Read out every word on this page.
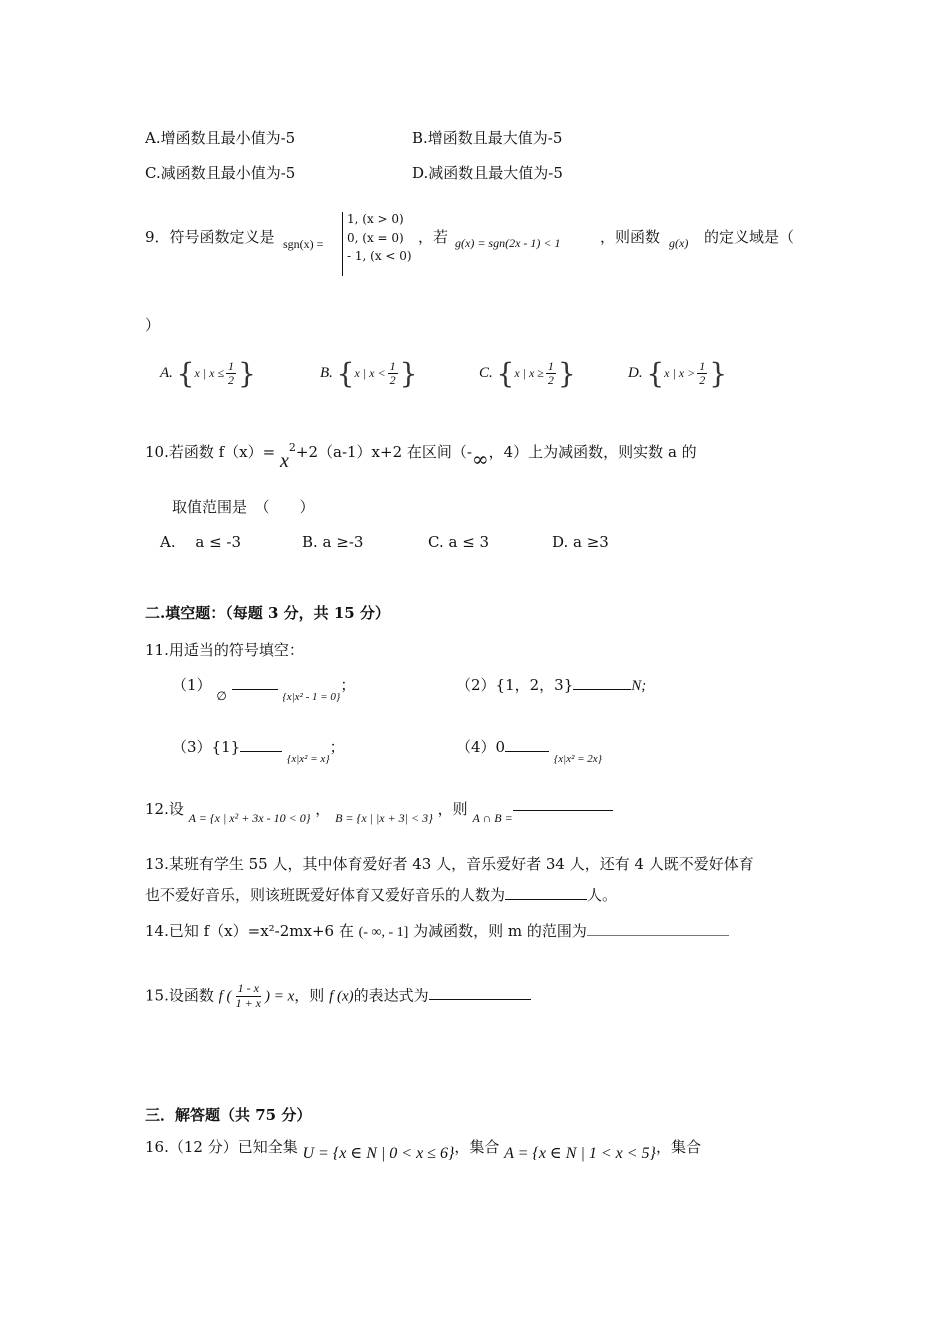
A.增函数且最小值为-5	B.增函数且最大值为-5
C.减函数且最小值为-5	D.减函数且最大值为-5
9．符号函数定义是 sgn(x) =
1, (x > 0)
0, (x = 0)
- 1, (x < 0)
，若 g(x) = sgn(2x - 1) < 1	，则函数 g(x) 的定义域是（
）
A. {x | $x \le \frac{1}{2}$ }	B. {x | $x < \frac{1}{2}$ }	C. {x | $x \ge \frac{1}{2}$ }	D. {x | $x > \frac{1}{2}$ }
10.若函数 $f(x)= x^2+2(a-1)x+2$ 在区间（-∞，4）上为减函数，则实数 a 的
取值范围是　（　　）
A.　 a ≤ -3	B. a ≥-3	C. a ≤ 3	D. a ≥3
二.填空题：（每题 3 分，共 15 分）
11.用适当的符号填空：
（1） $_\emptyset$	$_{\{x|x^2 - 1 = 0\}}$；	（2）{1，2，3}	N;
（3）{1} $_{\{x|x^2 = x\}}$；	（4）0 $_{\{x|x^2 = 2x\}}$
12.设 $_{A = \{x | x^2 + 3x - 10 < 0\}}$ ， $_{B = \{x | |x + 3| < 3\}}$ ，则 $_{A \cap B =}$
13.某班有学生 55 人，其中体育爱好者 43 人，音乐爱好者 34 人，还有 4 人既不爱好体育
也不爱好音乐，则该班既爱好体育又爱好音乐的人数为	人。
14.已知 f（x）=x²-2mx+6 在 (- ∞, - 1] 为减函数，则 m 的范围为
15.设函数 f ( $\frac{1 - x}{1 + x}$ ) = x，则 f (x)的表达式为
三．解答题（共 75 分）
16.（12 分）已知全集 U = {x ∈ N | 0 < x ≤ 6}，集合 A = {x ∈ N | 1 < x < 5}，集合
